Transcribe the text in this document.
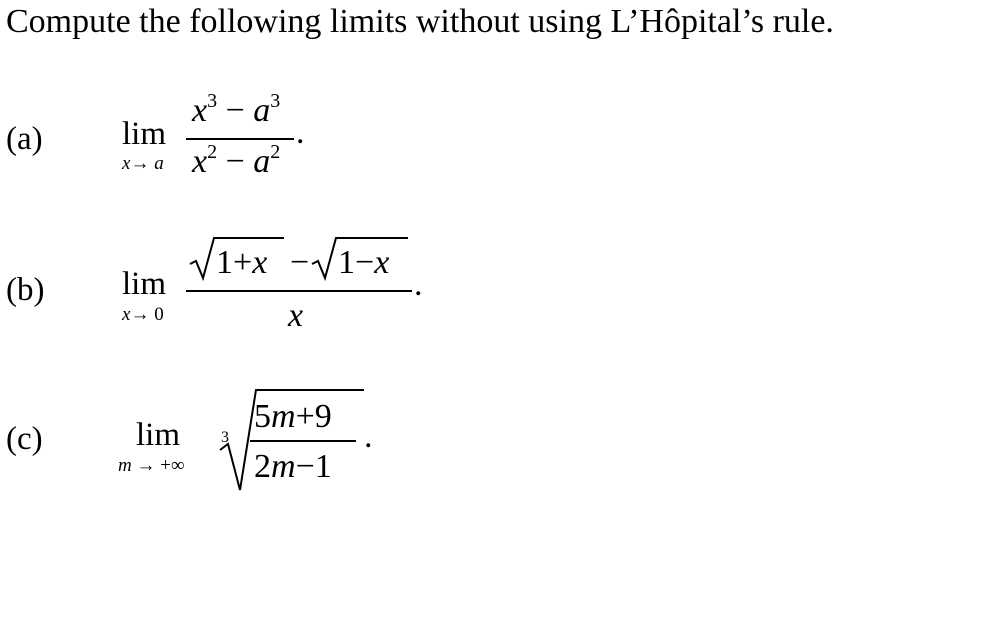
Compute the following limits without using L’Hôpital’s rule.
(a) lim
x→ a
$x^3 - a^3$
$x^2 - a^2$
.
(b) lim
x→ 0
1+x − 1−x
x
.
(c)	lim
m → +∞
3
5m+9
2m−1
.
